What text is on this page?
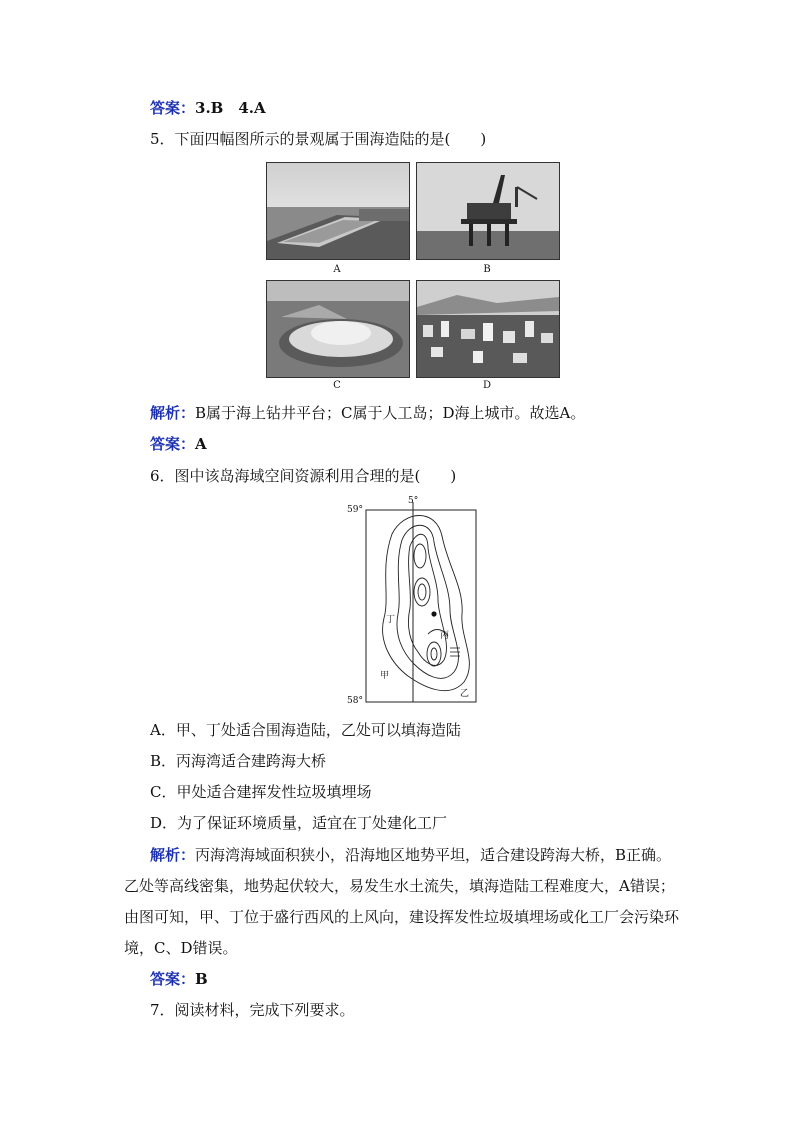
答案：3.B　4.A
5．下面四幅图所示的景观属于围海造陆的是(　　)
A	B
C	D
解析：B属于海上钻井平台；C属于人工岛；D海上城市。故选A。
答案：A
6．图中该岛海域空间资源利用合理的是(　　)
59°
58°
5°
丁
丙
甲
乙
A．甲、丁处适合围海造陆，乙处可以填海造陆
B．丙海湾适合建跨海大桥
C．甲处适合建挥发性垃圾填埋场
D．为了保证环境质量，适宜在丁处建化工厂
解析：丙海湾海域面积狭小，沿海地区地势平坦，适合建设跨海大桥，B正确。乙处等高线密集，地势起伏较大，易发生水土流失，填海造陆工程难度大，A错误；由图可知，甲、丁位于盛行西风的上风向，建设挥发性垃圾填埋场或化工厂会污染环境，C、D错误。
答案：B
7．阅读材料，完成下列要求。
